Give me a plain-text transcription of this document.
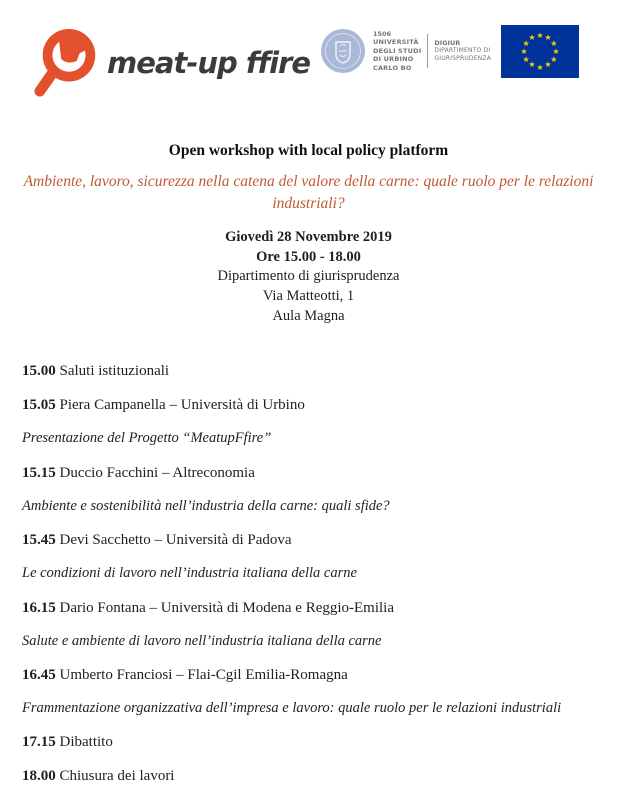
meat-up ffire
1506
UNIVERSITÀ
DEGLI STUDI
DI URBINO
CARLO BO
DIGIUR
DIPARTIMENTO DI
GIURISPRUDENZA
★ ★
★
★
★
★
★
★
★
★
★
★
Open workshop with local policy platform
Ambiente, lavoro, sicurezza nella catena del valore della carne: quale ruolo per le relazioni industriali?

Giovedì 28 Novembre 2019

Ore 15.00 - 18.00

Dipartimento di giurisprudenza

Via Matteotti, 1

Aula Magna

15.00 Saluti istituzionali

15.05 Piera Campanella – Università di Urbino

Presentazione del Progetto “MeatupFfire”

15.15 Duccio Facchini – Altreconomia

Ambiente e sostenibilità nell’industria della carne: quali sfide?

15.45 Devi Sacchetto – Università di Padova

Le condizioni di lavoro nell’industria italiana della carne

16.15 Dario Fontana – Università di Modena e Reggio-Emilia

Salute e ambiente di lavoro nell’industria italiana della carne

16.45 Umberto Franciosi – Flai-Cgil Emilia-Romagna

Frammentazione organizzativa dell’impresa e lavoro: quale ruolo per le relazioni industriali

17.15 Dibattito

18.00 Chiusura dei lavori
